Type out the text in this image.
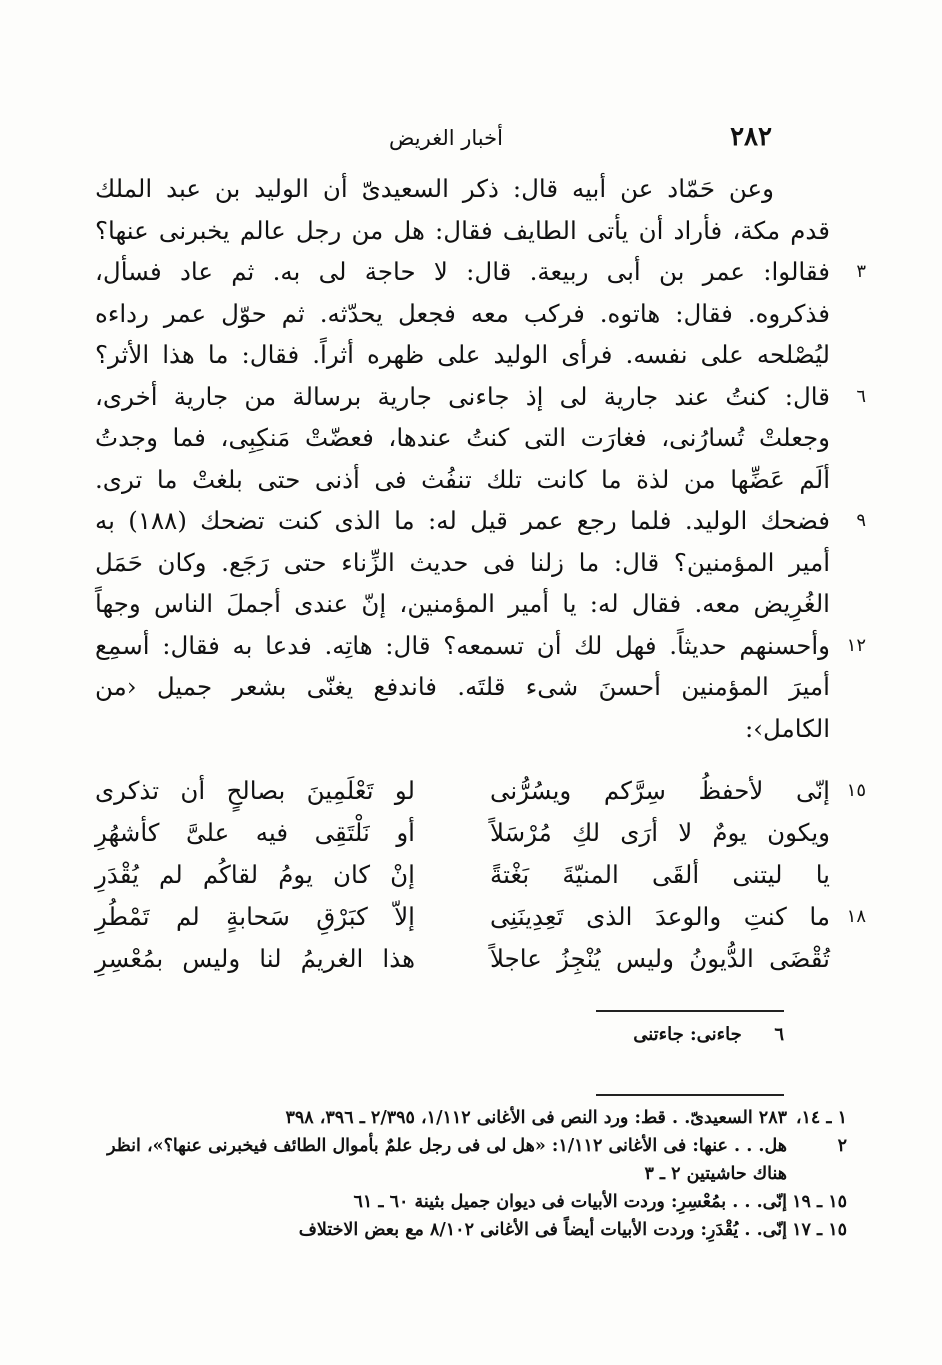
٢٨٢
أخبار الغريض
وعن حَمّاد عن أبيه قال: ذكر السعيدىّ أن الوليد بن عبد الملك
قدم مكة، فأراد أن يأتى الطايف فقال: هل من رجل عالم يخبرنى عنها؟
٣
فقالوا: عمر بن أبى ربيعة. قال: لا حاجة لى به. ثم عاد فسأل،
فذكروه. فقال: هاتوه. فركب معه فجعل يحدّثه. ثم حوّل عمر رداءه
ليُصْلحه على نفسه. فرأى الوليد على ظهره أثراً. فقال: ما هذا الأثر؟
٦
قال: كنتُ عند جارية لى إذ جاءنى جارية برسالة من جارية أخرى،
وجعلتْ تُسارُنى، فغارَت التى كنتُ عندها، فعضّتْ مَنكِبِى، فما وجدتُ
ألَم عَضِّها من لذة ما كانت تلك تنفُث فى أذنى حتى بلغتْ ما ترى.
٩
فضحك الوليد. فلما رجع عمر قيل له: ما الذى كنت تضحك (١٨٨) به
أمير المؤمنين؟ قال: ما زلنا فى حديث الزِّناء حتى رَجَع. وكان حَمَل
الغُرِيض معه. فقال له: يا أمير المؤمنين، إنّ عندى أجملَ الناس وجهاً
١٢
وأحسنهم حديثاً. فهل لك أن تسمعه؟ قال: هاتِه. فدعا به فقال: أسمِع
أميرَ المؤمنين أحسنَ شىء قلتَه. فاندفع يغنّى بشعر جميل ‹من
الكامل›:
١٥
إنّى لأحفظُ سِرَّكم ويسُرُّنى
لو تَعْلَمِينَ بصالحٍ أن تذكرى
ويكون يومٌ لا أرَى لكِ مُرْسَلاً
أو نَلْتَقِى فيه علىَّ كأشهُرِ
يا ليتنى ألقَى المنيّةَ بَغْتةً
إنْ كان يومُ لقاكُم لم يُقْدَرِ
١٨
ما كنتِ والوعدَ الذى تَعِدِينَنِى
إلاّ كبَرْقِ سَحابةٍ لم تَمْطُرِ
تُقْضَى الدُّيونُ وليس يُنْجِزُ عاجلاً
هذا الغريمُ لنا وليس بمُعْسِرِ
٦ جاءنى: جاءتنى
١ ـ ١٤،
٢٨٣ السعيدىّ. . قط: ورد النص فى الأغانى ١/١١٢، ٢/٣٩٥ ـ ٣٩٦، ٣٩٨
٢
هل. . . عنها: فى الأغانى ١/١١٢: «هل لى فى رجل علمٌ بأموال الطائف فيخبرنى عنها؟»، انظر هناك حاشيتين ٢ ـ ٣
١٥ ـ ١٩
إنّى. . . بمُعْسِرِ: وردت الأبيات فى ديوان جميل بثينة ٦٠ ـ ٦١
١٥ ـ ١٧
إنّى. . يُقْدَرِ: وردت الأبيات أيضاً فى الأغانى ٨/١٠٢ مع بعض الاختلاف
